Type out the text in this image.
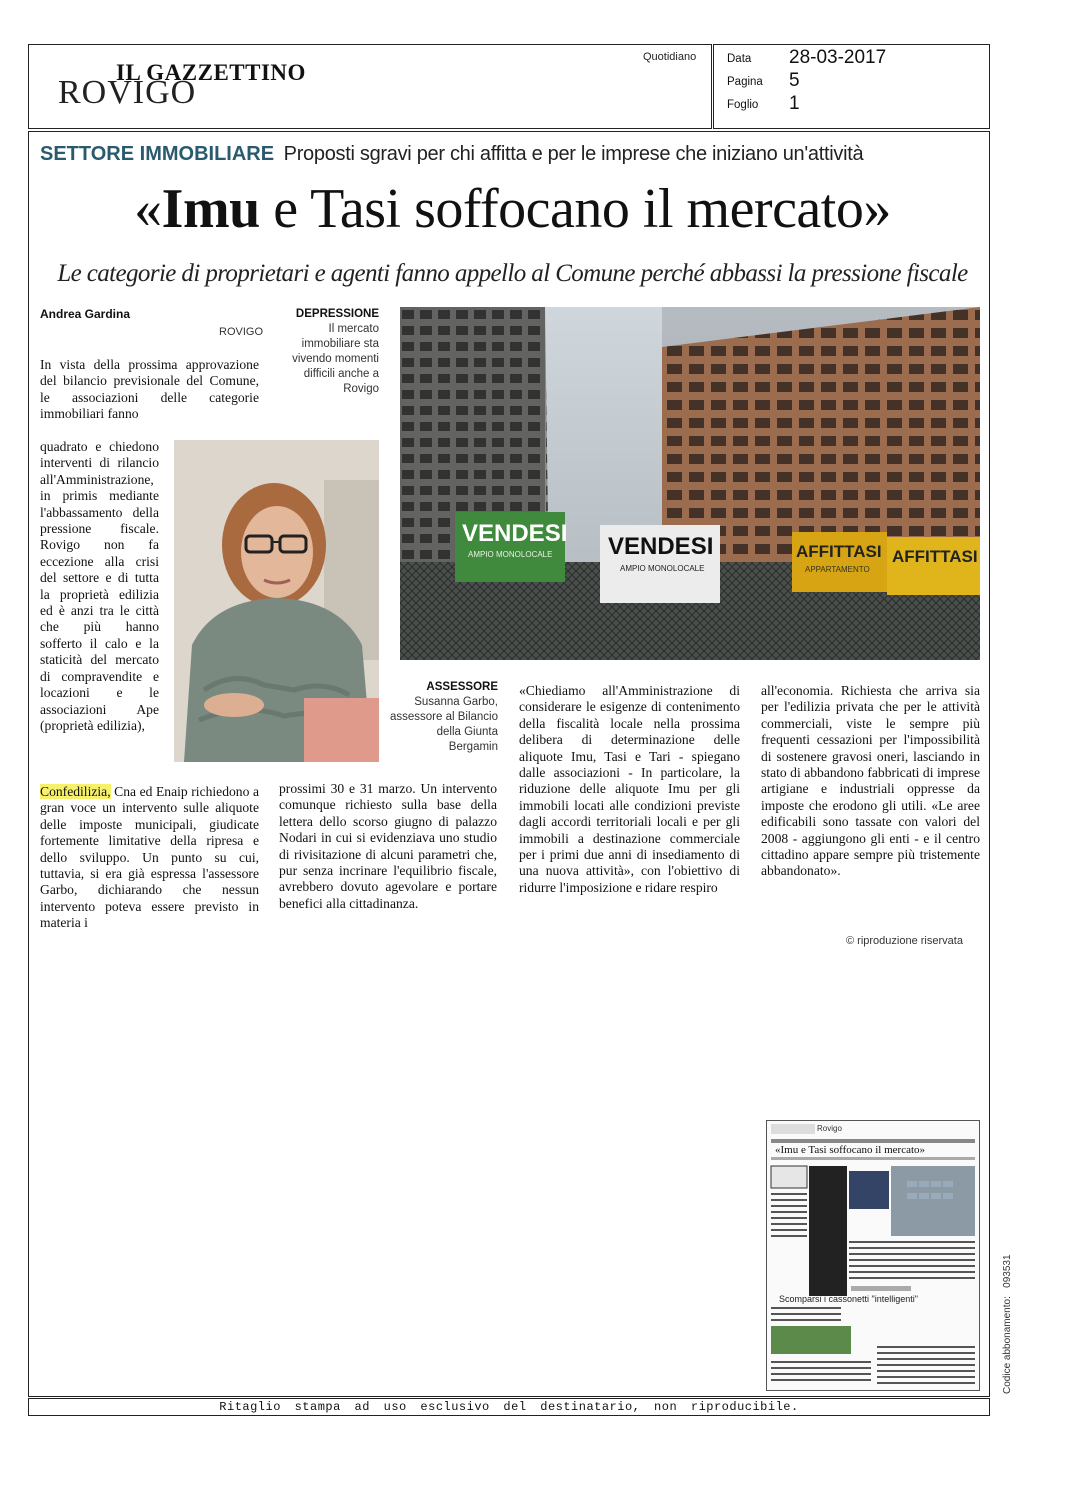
IL GAZZETTINO
ROVIGO
Quotidiano	Data 28-03-2017
Pagina 5
Foglio 1
SETTORE IMMOBILIARE Proposti sgravi per chi affitta e per le imprese che iniziano un'attività
«Imu e Tasi soffocano il mercato»
Le categorie di proprietari e agenti fanno appello al Comune perché abbassi la pressione fiscale
Andrea Gardina
ROVIGO
DEPRESSIONE
Il mercato immobiliare sta vivendo momenti difficili anche a Rovigo

In vista della prossima approvazione del bilancio previsionale del Comune, le associazioni delle categorie immobiliari fanno

quadrato e chiedono interventi di rilancio all'Amministrazione, in primis mediante l'abbassamento della pressione fiscale. Rovigo non fa eccezione alla crisi del settore e di tutta la proprietà edilizia ed è anzi tra le città che più hanno sofferto il calo e la staticità del mercato di compravendite e locazioni e le associazioni Ape (proprietà edilizia),

Confedilizia, Cna ed Enaip richiedono a gran voce un intervento sulle aliquote delle imposte municipali, giudicate fortemente limitative della ripresa e dello sviluppo. Un punto su cui, tuttavia, si era già espressa l'assessore Garbo, dichiarando che nessun intervento poteva essere previsto in materia i

VENDESI
AMPIO MONOLOCALE VENDESI
AMPIO MONOLOCALE
AFFITTASI
APPARTAMENTO
AFFITTASI
ASSESSORE
Susanna Garbo, assessore al Bilancio della Giunta Bergamin

prossimi 30 e 31 marzo. Un intervento comunque richiesto sulla base della lettera dello scorso giugno di palazzo Nodari in cui si evidenziava uno studio di rivisitazione di alcuni parametri che, pur senza incrinare l'equilibrio fiscale, avrebbero dovuto agevolare e portare benefici alla cittadinanza.

«Chiediamo all'Amministrazione di considerare le esigenze di contenimento della fiscalità locale nella prossima delibera di determinazione delle aliquote Imu, Tasi e Tari - spiegano dalle associazioni - In particolare, la riduzione delle aliquote Imu per gli immobili locati alle condizioni previste dagli accordi territoriali locali e per gli immobili a destinazione commerciale per i primi due anni di insediamento di una nuova attività», con l'obiettivo di ridurre l'imposizione e ridare respiro

all'economia. Richiesta che arriva sia per l'edilizia privata che per le attività commerciali, viste le sempre più frequenti cessazioni per l'impossibilità di sostenere gravosi oneri, lasciando in stato di abbandono fabbricati di imprese artigiane e industriali oppresse da imposte che erodono gli utili. «Le aree edificabili sono tassate con valori del 2008 - aggiungono gli enti - e il centro cittadino appare sempre più tristemente abbandonato».

© riproduzione riservata
Rovigo
«Imu e Tasi soffocano il mercato»
Scomparsi i cassonetti "intelligenti"	Codice abbonamento:   093531
Ritaglio stampa ad uso esclusivo del destinatario, non riproducibile.
